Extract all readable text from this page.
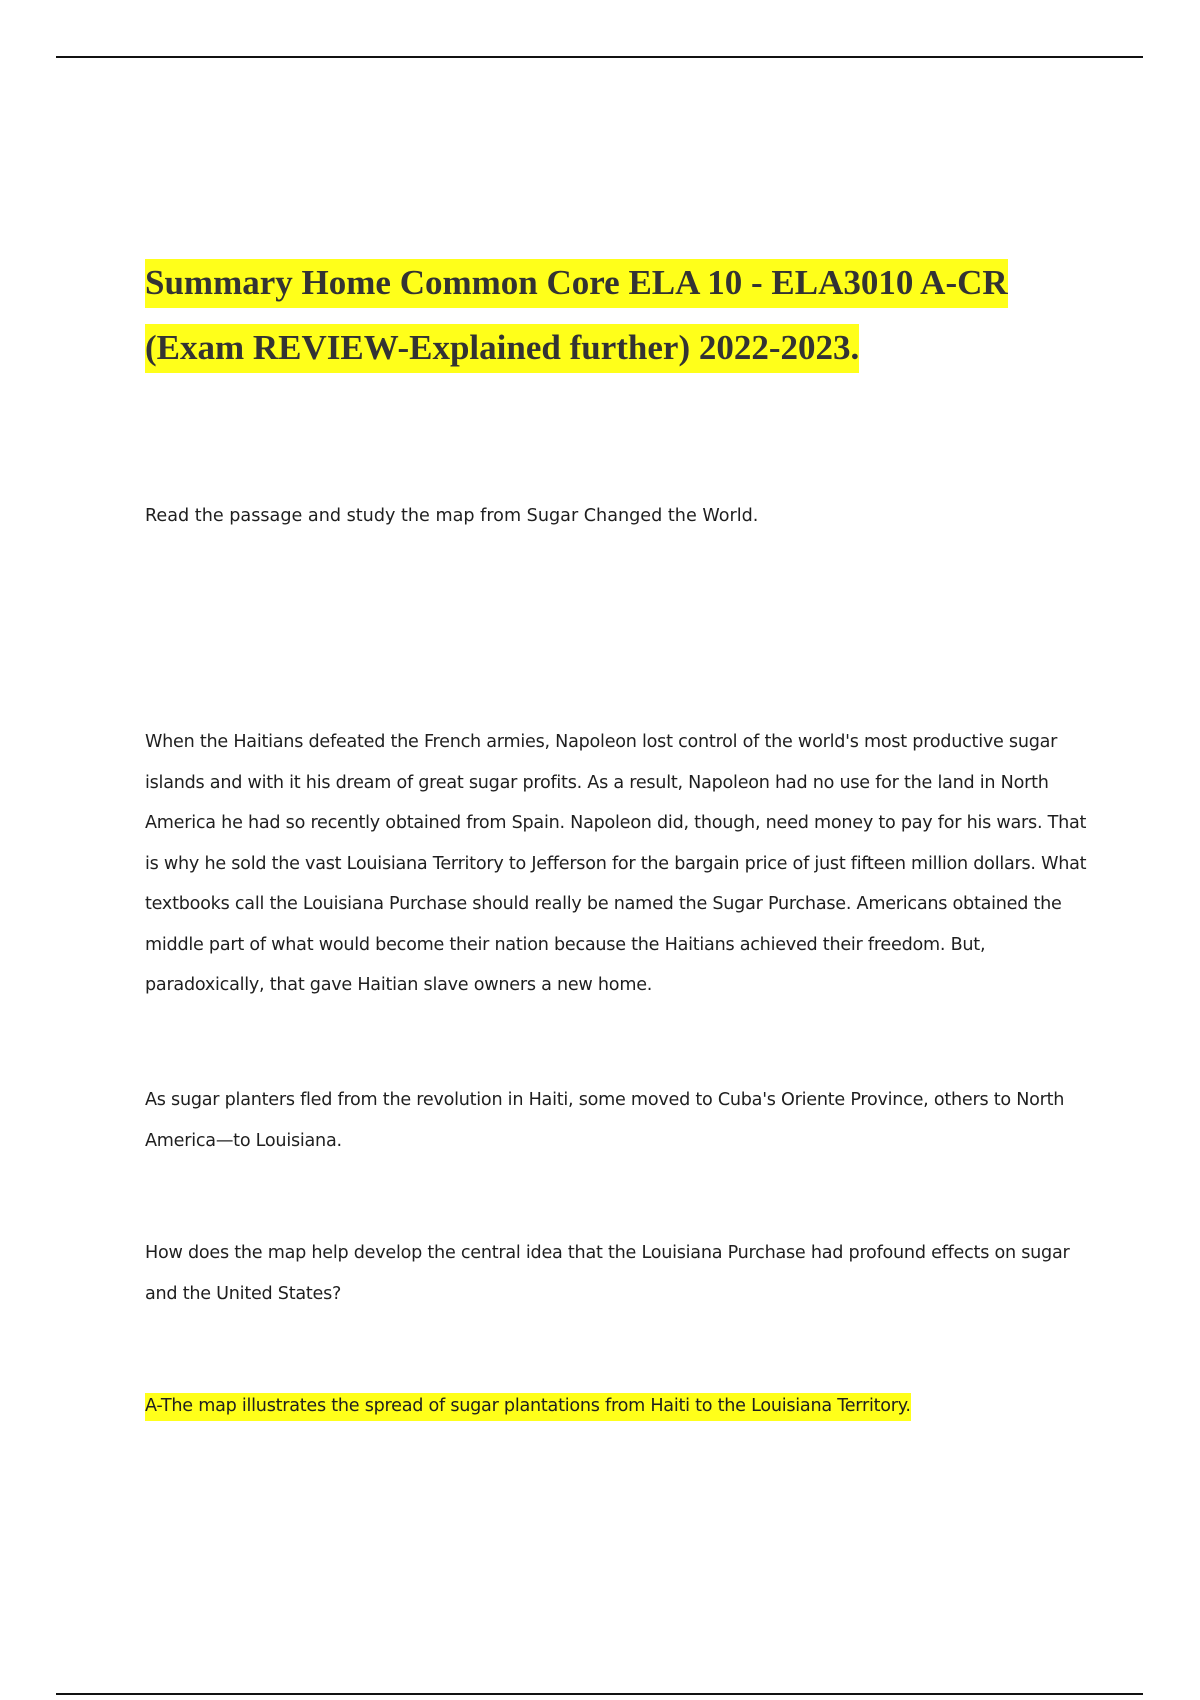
Summary Home Common Core ELA 10 - ELA3010 A-CR (Exam REVIEW-Explained further) 2022-2023.

Read the passage and study the map from Sugar Changed the World.

When the Haitians defeated the French armies, Napoleon lost control of the world's most productive sugar islands and with it his dream of great sugar profits. As a result, Napoleon had no use for the land in North America he had so recently obtained from Spain. Napoleon did, though, need money to pay for his wars. That is why he sold the vast Louisiana Territory to Jefferson for the bargain price of just fifteen million dollars. What textbooks call the Louisiana Purchase should really be named the Sugar Purchase. Americans obtained the middle part of what would become their nation because the Haitians achieved their freedom. But, paradoxically, that gave Haitian slave owners a new home.

As sugar planters fled from the revolution in Haiti, some moved to Cuba's Oriente Province, others to North America—to Louisiana.

How does the map help develop the central idea that the Louisiana Purchase had profound effects on sugar and the United States?

A-The map illustrates the spread of sugar plantations from Haiti to the Louisiana Territory.
